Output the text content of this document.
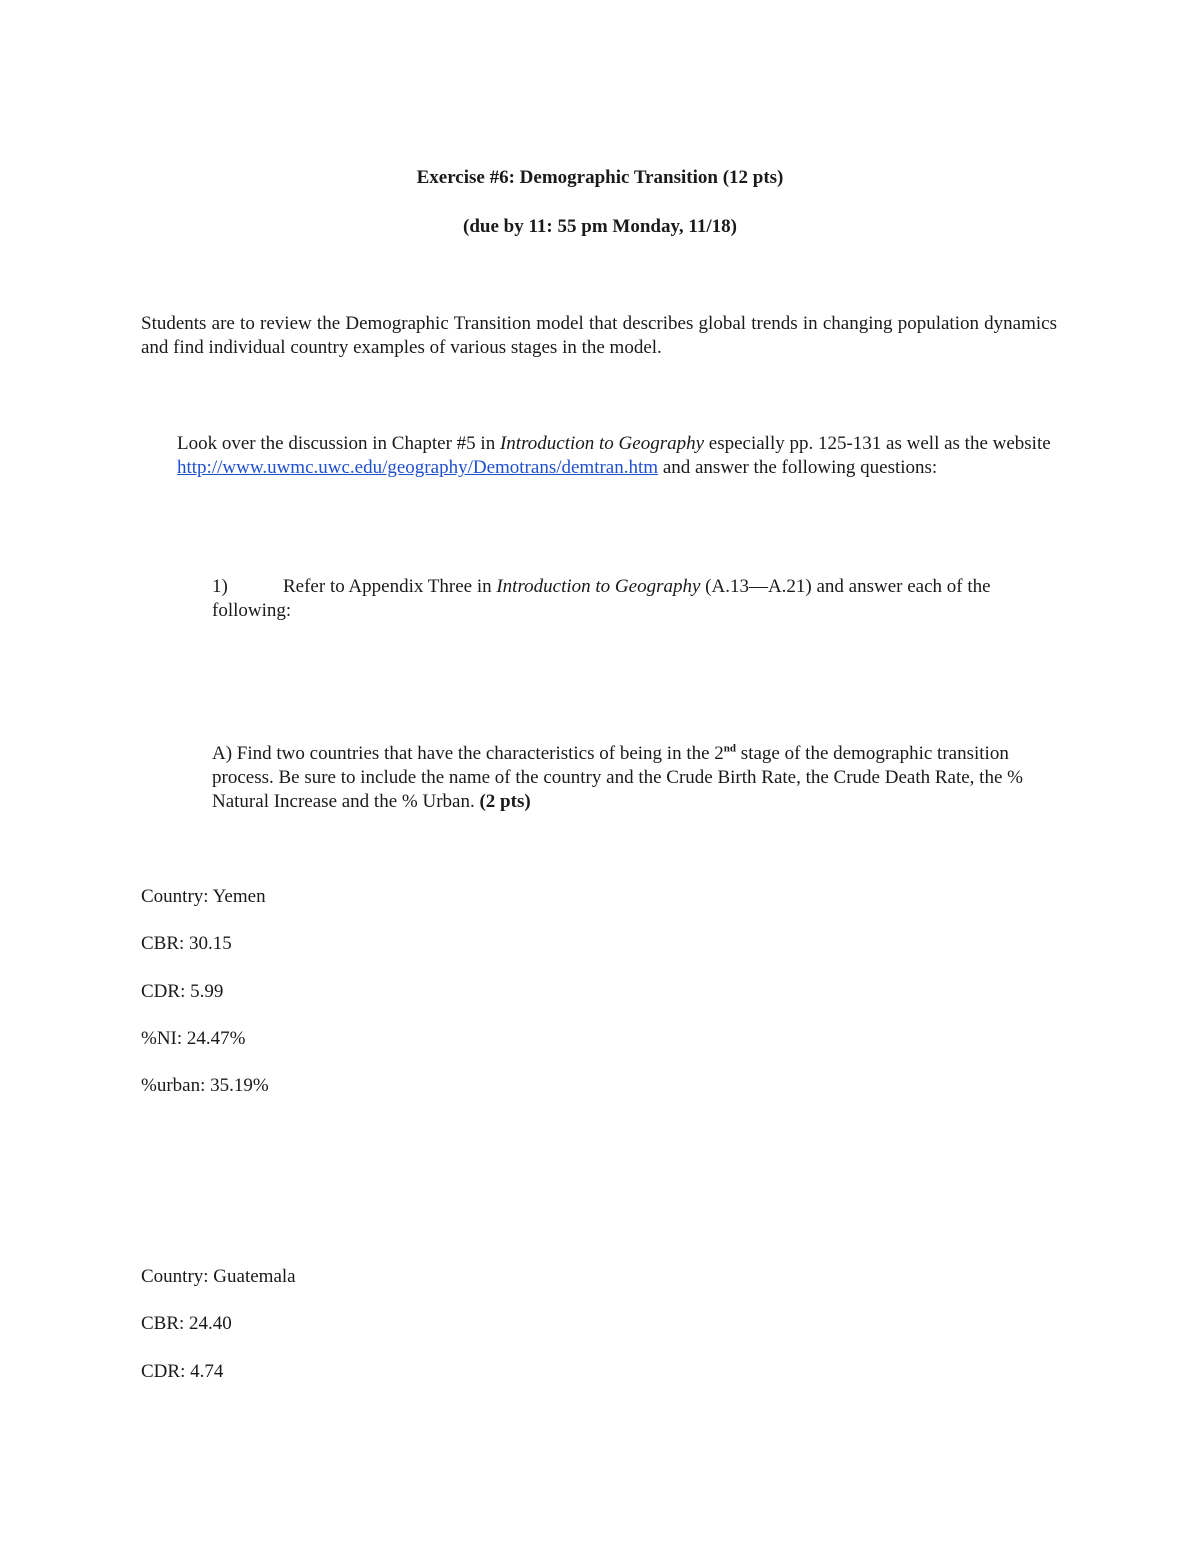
Exercise #6: Demographic Transition (12 pts)
(due by 11: 55 pm Monday, 11/18)
Students are to review the Demographic Transition model that describes global trends in changing population dynamics and find individual country examples of various stages in the model.
Look over the discussion in Chapter #5 in Introduction to Geography especially pp. 125-131 as well as the website http://www.uwmc.uwc.edu/geography/Demotrans/demtran.htm and answer the following questions:
1)	Refer to Appendix Three in Introduction to Geography (A.13—A.21) and answer each of the following:
A) Find two countries that have the characteristics of being in the 2nd stage of the demographic transition process. Be sure to include the name of the country and the Crude Birth Rate, the Crude Death Rate, the % Natural Increase and the % Urban. (2 pts)
Country: Yemen
CBR: 30.15
CDR: 5.99
%NI: 24.47%
%urban: 35.19%
Country: Guatemala
CBR: 24.40
CDR: 4.74
